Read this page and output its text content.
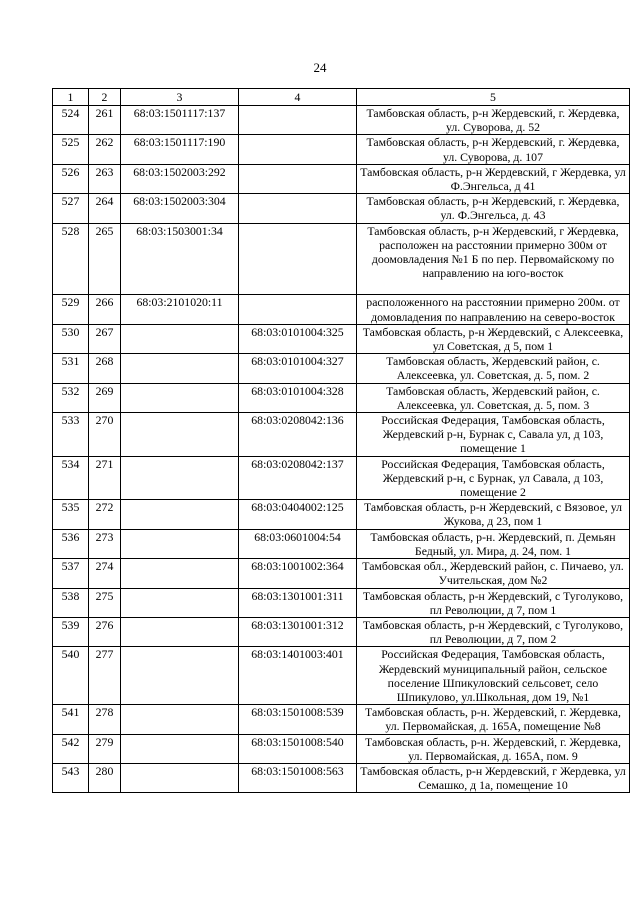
24
1	2	3	4	5
524	261	68:03:1501117:137		Тамбовская область, р-н Жердевский, г. Жердевка, ул. Суворова, д. 52
525	262	68:03:1501117:190		Тамбовская область, р-н Жердевский, г. Жердевка, ул. Суворова, д. 107
526	263	68:03:1502003:292		Тамбовская область, р-н Жердевский, г Жердевка, ул Ф.Энгельса, д 41
527	264	68:03:1502003:304		Тамбовская область, р-н Жердевский, г. Жердевка, ул. Ф.Энгельса, д. 43
528	265	68:03:1503001:34		Тамбовская область, р-н Жердевский, г Жердевка, расположен на расстоянии примерно 300м от доомовладения №1 Б по пер. Первомайскому по направлению на юго-восток
529	266	68:03:2101020:11		расположенного на расстоянии примерно 200м. от домовладения по направлению на северо-восток
530	267		68:03:0101004:325	Тамбовская область, р-н Жердевский, с Алексеевка, ул Советская, д 5, пом 1
531	268		68:03:0101004:327	Тамбовская область, Жердевский район, с. Алексеевка, ул. Советская, д. 5, пом. 2
532	269		68:03:0101004:328	Тамбовская область, Жердевский район, с. Алексеевка, ул. Советская, д. 5, пом. 3
533	270		68:03:0208042:136	Российская Федерация, Тамбовская область, Жердевский р-н, Бурнак с, Савала ул, д 103, помещение 1
534	271		68:03:0208042:137	Российская Федерация, Тамбовская область, Жердевский р-н, с Бурнак, ул Савала, д 103, помещение 2
535	272		68:03:0404002:125	Тамбовская область, р-н Жердевский, с Вязовое, ул Жукова, д 23, пом 1
536	273		68:03:0601004:54	Тамбовская область, р-н. Жердевский, п. Демьян Бедный, ул. Мира, д. 24, пом. 1
537	274		68:03:1001002:364	Тамбовская обл., Жердевский район, с. Пичаево, ул. Учительская, дом №2
538	275		68:03:1301001:311	Тамбовская область, р-н Жердевский, с Туголуково, пл Революции, д 7, пом 1
539	276		68:03:1301001:312	Тамбовская область, р-н Жердевский, с Туголуково, пл Революции, д 7, пом 2
540	277		68:03:1401003:401	Российская Федерация, Тамбовская область, Жердевский муниципальный район, сельское поселение Шпикуловский сельсовет, село Шпикулово, ул.Школьная, дом 19, №1
541	278		68:03:1501008:539	Тамбовская область, р-н. Жердевский, г. Жердевка, ул. Первомайская, д. 165А, помещение №8
542	279		68:03:1501008:540	Тамбовская область, р-н. Жердевский, г. Жердевка, ул. Первомайская, д. 165А, пом. 9
543	280		68:03:1501008:563	Тамбовская область, р-н Жердевский, г Жердевка, ул Семашко, д 1а, помещение 10
